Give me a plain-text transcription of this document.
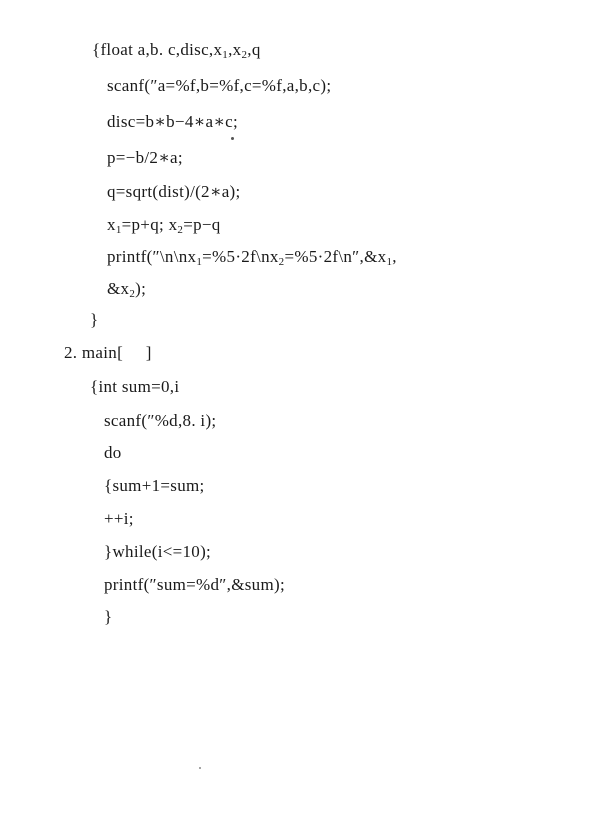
{float a,b. $c,disc,x_1,x_2,q$
scanf(″a=%f,b=%f,c=%f,a,b,c);
disc=b∗b−4∗a∗c;
p=−b/2∗a;
q=sqrt(dist)/(2∗a);
$x_1=p+q$; $x_2=p-q$
$printf(''\backslash n\backslash nx_1=\%5\cdot 2f\backslash nx_2=\%5\cdot 2f\backslash n'',\&x_1$,
$\&x_2$);
}
2. main[     ]
{int sum=0,i
scanf(″%d,8. i);
do
{sum+1=sum;
++i;
}while(i<=10);
printf(″sum=%d″,&sum);
}
